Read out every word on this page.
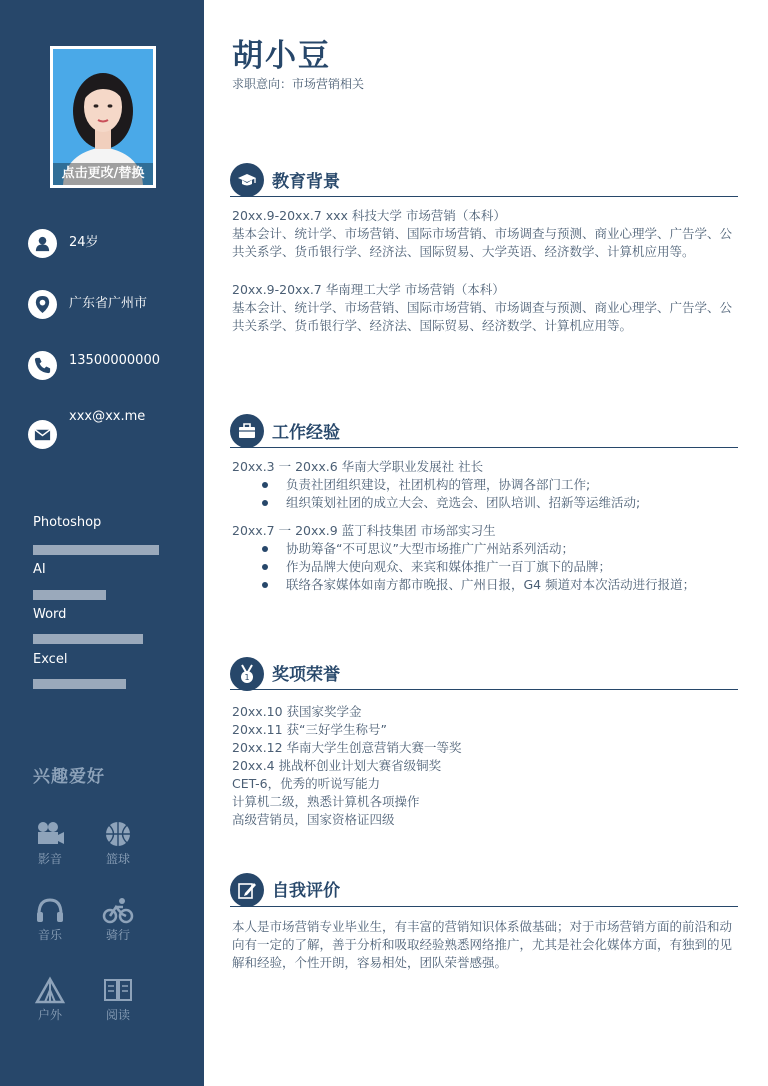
点击更改/替换
24岁
广东省广州市
13500000000
xxx@xx.me
Photoshop
AI
Word
Excel
兴趣爱好
影音	篮球
音乐	骑行
户外	阅读
胡小豆
求职意向：市场营销相关
教育背景

20xx.9-20xx.7 xxx 科技大学 市场营销（本科）

基本会计、统计学、市场营销、国际市场营销、市场调查与预测、商业心理学、广告学、公共关系学、货币银行学、经济法、国际贸易、大学英语、经济数学、计算机应用等。

20xx.9-20xx.7 华南理工大学 市场营销（本科）

基本会计、统计学、市场营销、国际市场营销、市场调查与预测、商业心理学、广告学、公共关系学、货币银行学、经济法、国际贸易、经济数学、计算机应用等。

工作经验

20xx.3 一 20xx.6 华南大学职业发展社 社长

负责社团组织建设，社团机构的管理，协调各部门工作;

组织策划社团的成立大会、竞选会、团队培训、招新等运维活动;

20xx.7 一 20xx.9 蓝丁科技集团 市场部实习生

协助筹备“不可思议”大型市场推广广州站系列活动；

作为品牌大使向观众、来宾和媒体推广一百丁旗下的品牌；

联络各家媒体如南方都市晚报、广州日报，G4 频道对本次活动进行报道；

1 奖项荣誉

20xx.10 获国家奖学金

20xx.11 获“三好学生称号”

20xx.12 华南大学生创意营销大赛一等奖

20xx.4 挑战杯创业计划大赛省级铜奖

CET-6，优秀的听说写能力

计算机二级，熟悉计算机各项操作

高级营销员，国家资格证四级

自我评价

本人是市场营销专业毕业生，有丰富的营销知识体系做基础；对于市场营销方面的前沿和动向有一定的了解，善于分析和吸取经验熟悉网络推广，尤其是社会化媒体方面，有独到的见解和经验，个性开朗，容易相处，团队荣誉感强。
